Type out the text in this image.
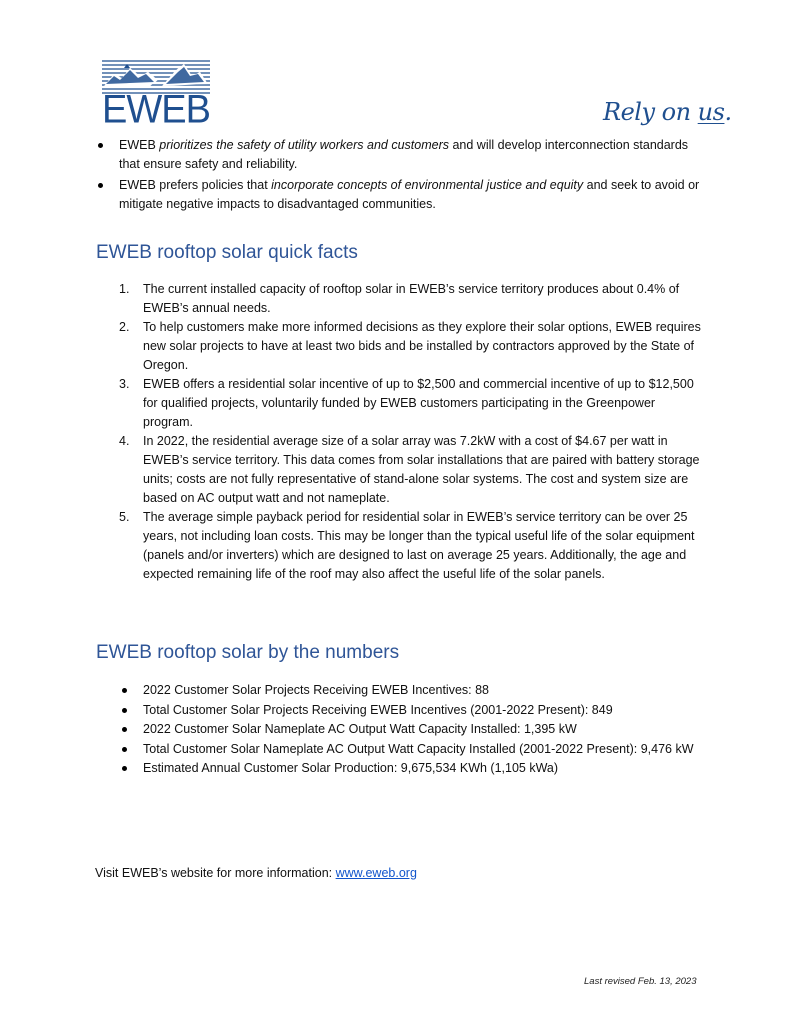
EWEB	Rely on us.
EWEB prioritizes the safety of utility workers and customers and will develop interconnection standards that ensure safety and reliability.
EWEB prefers policies that incorporate concepts of environmental justice and equity and seek to avoid or mitigate negative impacts to disadvantaged communities.
EWEB rooftop solar quick facts
1. The current installed capacity of rooftop solar in EWEB’s service territory produces about 0.4% of EWEB’s annual needs.
2. To help customers make more informed decisions as they explore their solar options, EWEB requires new solar projects to have at least two bids and be installed by contractors approved by the State of Oregon.
3. EWEB offers a residential solar incentive of up to $2,500 and commercial incentive of up to $12,500 for qualified projects, voluntarily funded by EWEB customers participating in the Greenpower program.
4. In 2022, the residential average size of a solar array was 7.2kW with a cost of $4.67 per watt in EWEB’s service territory. This data comes from solar installations that are paired with battery storage units; costs are not fully representative of stand-alone solar systems. The cost and system size are based on AC output watt and not nameplate.
5. The average simple payback period for residential solar in EWEB’s service territory can be over 25 years, not including loan costs. This may be longer than the typical useful life of the solar equipment (panels and/or inverters) which are designed to last on average 25 years. Additionally, the age and expected remaining life of the roof may also affect the useful life of the solar panels.
EWEB rooftop solar by the numbers
2022 Customer Solar Projects Receiving EWEB Incentives: 88
Total Customer Solar Projects Receiving EWEB Incentives (2001-2022 Present): 849
2022 Customer Solar Nameplate AC Output Watt Capacity Installed: 1,395 kW
Total Customer Solar Nameplate AC Output Watt Capacity Installed (2001-2022 Present): 9,476 kW
Estimated Annual Customer Solar Production: 9,675,534 KWh (1,105 kWa)
Visit EWEB’s website for more information: www.eweb.org
Last revised Feb. 13, 2023
